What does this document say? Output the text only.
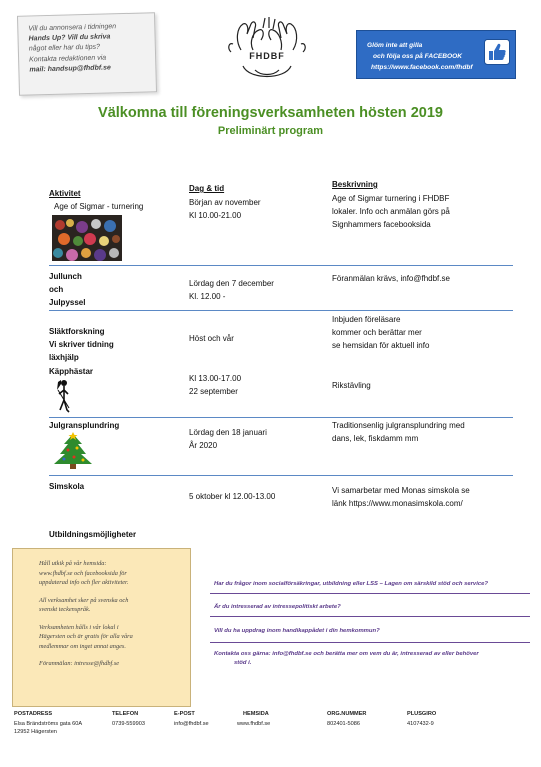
Vill du annonsera i tidningen
Hands Up? Vill du skriva
något eller har du tips?
Kontakta redaktionen via
mail: handsup@fhdbf.se
FHDBF
Glöm inte att gilla
och följa oss på FACEBOOK
https://www.facebook.com/fhdbf
Välkomna till föreningsverksamheten hösten 2019
Preliminärt program
Aktivitet
Dag & tid	Beskrivning
Age of Sigmar - turnering	Början av november
Kl 10.00-21.00
Age of Sigmar turnering i FHDBF
lokaler. Info och anmälan görs på
Signhammers facebooksida
Jullunch
och
Julpyssel
Lördag den 7 december
Kl. 12.00 -
Föranmälan krävs, info@fhdbf.se
Släktforskning
Vi skriver tidning
läxhjälp
Höst och vår
Inbjuden föreläsare
kommer och berättar mer
se hemsidan för aktuell info
Käpphästar
Kl 13.00-17.00
22 september
Rikstävling
Julgransplundring
Lördag den 18 januari
År 2020
Traditionsenlig julgransplundring med
dans, lek, fiskdamm mm
Simskola
5 oktober kl 12.00-13.00
Vi samarbetar med Monas simskola se
länk https://www.monasimskola.com/
Utbildningsmöjligheter
Håll utkik på vår hemsida:
www.fhdbf.se och facebooksida för
uppdaterad info och fler aktiviteter.
All verksamhet sker på svenska och
svenskt teckenspråk.
Verksamheten hålls i vår lokal i
Hägersten och är gratis för alla våra
medlemmar om inget annat anges.
Föranmälan: intresse@fhdbf.se
Har du frågor inom socialförsäkringar, utbildning eller LSS – Lagen om särskild stöd och service?
Är du intresserad av intressepolitiskt arbete?
Vill du ha uppdrag inom handikappådet i din hemkommun?
Kontakta oss gärna: info@fhdbf.se och berätta mer om vem du är, intresserad av eller behöver
stöd i.
POSTADRESS
Elsa Brändströms gata 60A
12952 Hägersten
TELEFON
0739-559903
E-POST
info@fhdbf.se
HEMSIDA
www.fhdbf.se
ORG.NUMMER
802401-5086
PLUSGIRO
4107432-9
